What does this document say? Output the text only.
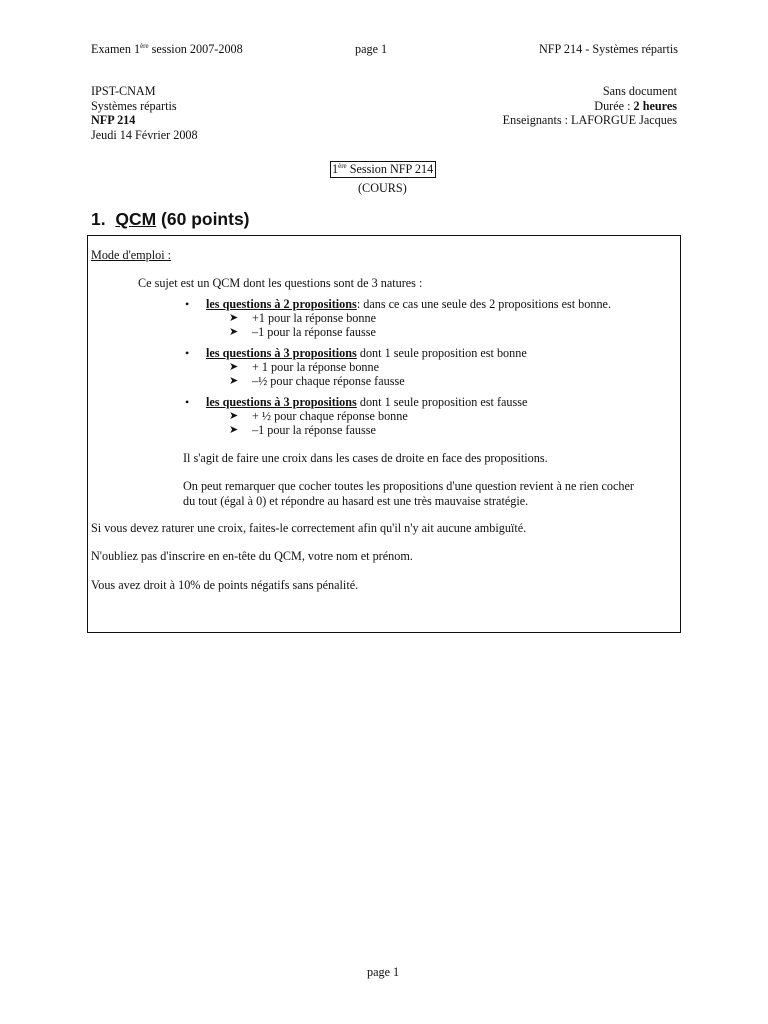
Examen 1ère session 2007-2008	page 1	NFP 214 - Systèmes répartis
IPST-CNAM
Systèmes répartis
NFP 214
Jeudi 14 Février 2008
Sans document
Durée : 2 heures
Enseignants : LAFORGUE Jacques
1ère Session NFP 214
(COURS)
1. QCM (60 points)
Mode d'emploi :
Ce sujet est un QCM dont les questions sont de 3 natures :
• les questions à 2 propositions: dans ce cas une seule des 2 propositions est bonne.
➤ +1 pour la réponse bonne
➤ –1 pour la réponse fausse
• les questions à 3 propositions dont 1 seule proposition est bonne
➤ + 1 pour la réponse bonne
➤ –½ pour chaque réponse fausse
• les questions à 3 propositions dont 1 seule proposition est fausse
➤ + ½ pour chaque réponse bonne
➤ –1 pour la réponse fausse
Il s'agit de faire une croix dans les cases de droite en face des propositions.
On peut remarquer que cocher toutes les propositions d'une question revient à ne rien cocher
du tout (égal à 0) et répondre au hasard est une très mauvaise stratégie.
Si vous devez raturer une croix, faites-le correctement afin qu'il n'y ait aucune ambiguïté.
N'oubliez pas d'inscrire en en-tête du QCM, votre nom et prénom.
Vous avez droit à 10% de points négatifs sans pénalité.
page 1
